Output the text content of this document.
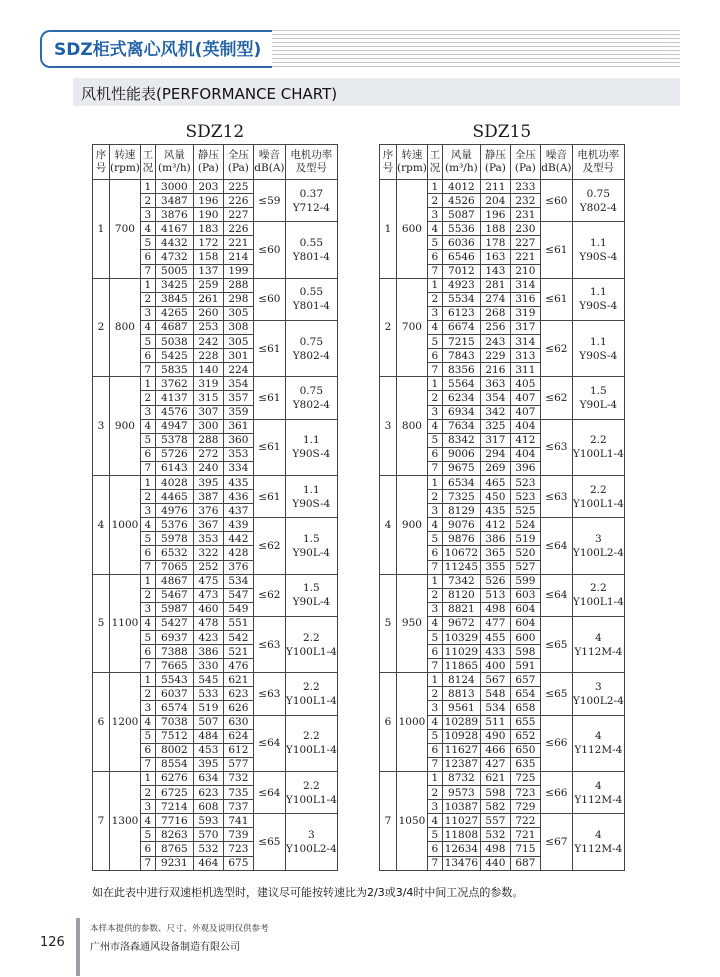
SDZ柜式离心风机(英制型)
风机性能表(PERFORMANCE CHART)
SDZ12
序
号	转速
(rpm)	工
况	风量
(m³/h)	静压
(Pa)	全压
(Pa)	噪音
dB(A)	电机功率
及型号
1	700	1	3000	203	225	≤59	0.37
Y712-4
		2	3487	196	226		
		3	3876	190	227		
		4	4167	183	226	≤60	0.55
Y801-4
		5	4432	172	221		
		6	4732	158	214		
		7	5005	137	199		
2	800	1	3425	259	288	≤60	0.55
Y801-4
		2	3845	261	298		
		3	4265	260	305		
		4	4687	253	308	≤61	0.75
Y802-4
		5	5038	242	305		
		6	5425	228	301		
		7	5835	140	224		
3	900	1	3762	319	354	≤61	0.75
Y802-4
		2	4137	315	357		
		3	4576	307	359		
		4	4947	300	361	≤61	1.1
Y90S-4
		5	5378	288	360		
		6	5726	272	353		
		7	6143	240	334		
4	1000	1	4028	395	435	≤61	1.1
Y90S-4
		2	4465	387	436		
		3	4976	376	437		
		4	5376	367	439	≤62	1.5
Y90L-4
		5	5978	353	442		
		6	6532	322	428		
		7	7065	252	376		
5	1100	1	4867	475	534	≤62	1.5
Y90L-4
		2	5467	473	547		
		3	5987	460	549		
		4	5427	478	551	≤63	2.2
Y100L1-4
		5	6937	423	542		
		6	7388	386	521		
		7	7665	330	476		
6	1200	1	5543	545	621	≤63	2.2
Y100L1-4
		2	6037	533	623		
		3	6574	519	626		
		4	7038	507	630	≤64	2.2
Y100L1-4
		5	7512	484	624		
		6	8002	453	612		
		7	8554	395	577		
7	1300	1	6276	634	732	≤64	2.2
Y100L1-4
		2	6725	623	735		
		3	7214	608	737		
		4	7716	593	741	≤65	3
Y100L2-4
		5	8263	570	739		
		6	8765	532	723		
		7	9231	464	675		
SDZ15
序
号	转速
(rpm)	工
况	风量
(m³/h)	静压
(Pa)	全压
(Pa)	噪音
dB(A)	电机功率
及型号
1	600	1	4012	211	233	≤60	0.75
Y802-4
		2	4526	204	232		
		3	5087	196	231		
		4	5536	188	230	≤61	1.1
Y90S-4
		5	6036	178	227		
		6	6546	163	221		
		7	7012	143	210		
2	700	1	4923	281	314	≤61	1.1
Y90S-4
		2	5534	274	316		
		3	6123	268	319		
		4	6674	256	317	≤62	1.1
Y90S-4
		5	7215	243	314		
		6	7843	229	313		
		7	8356	216	311		
3	800	1	5564	363	405	≤62	1.5
Y90L-4
		2	6234	354	407		
		3	6934	342	407		
		4	7634	325	404	≤63	2.2
Y100L1-4
		5	8342	317	412		
		6	9006	294	404		
		7	9675	269	396		
4	900	1	6534	465	523	≤63	2.2
Y100L1-4
		2	7325	450	523		
		3	8129	435	525		
		4	9076	412	524	≤64	3
Y100L2-4
		5	9876	386	519		
		6	10672	365	520		
		7	11245	355	527		
5	950	1	7342	526	599	≤64	2.2
Y100L1-4
		2	8120	513	603		
		3	8821	498	604		
		4	9672	477	604	≤65	4
Y112M-4
		5	10329	455	600		
		6	11029	433	598		
		7	11865	400	591		
6	1000	1	8124	567	657	≤65	3
Y100L2-4
		2	8813	548	654		
		3	9561	534	658		
		4	10289	511	655	≤66	4
Y112M-4
		5	10928	490	652		
		6	11627	466	650		
		7	12387	427	635		
7	1050	1	8732	621	725	≤66	4
Y112M-4
		2	9573	598	723		
		3	10387	582	729		
		4	11027	557	722	≤67	4
Y112M-4
		5	11808	532	721		
		6	12634	498	715		
		7	13476	440	687		
如在此表中进行双速柜机选型时，建议尽可能按转速比为2/3或3/4时中间工况点的参数。
126
本样本提供的参数、尺寸、外观及说明仅供参考
广州市洛森通风设备制造有限公司
